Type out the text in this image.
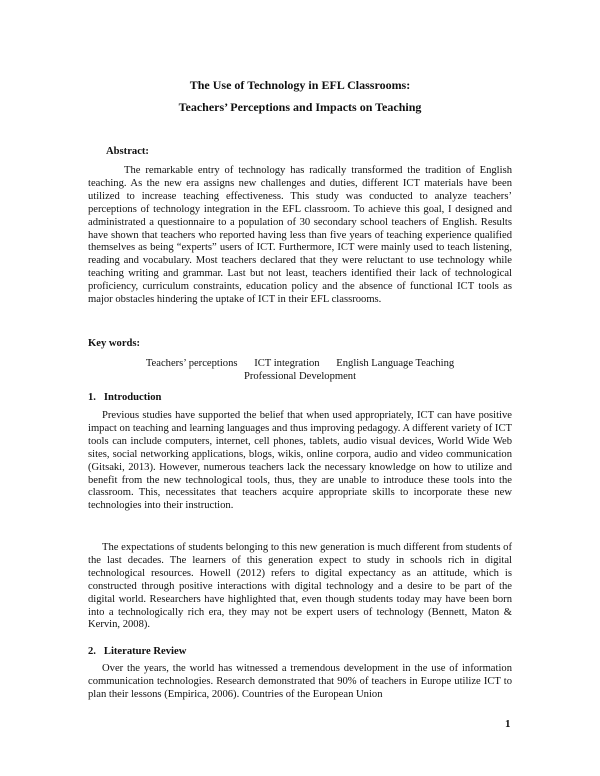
The Use of Technology in EFL Classrooms:
Teachers’ Perceptions and Impacts on Teaching
Abstract:

The remarkable entry of technology has radically transformed the tradition of English teaching. As the new era assigns new challenges and duties, different ICT materials have been utilized to increase teaching effectiveness. This study was conducted to analyze teachers’ perceptions of technology integration in the EFL classroom. To achieve this goal, I designed and administrated a questionnaire to a population of 30 secondary school teachers of English. Results have shown that teachers who reported having less than five years of teaching experience qualified themselves as being “experts” users of ICT. Furthermore, ICT were mainly used to teach listening, reading and vocabulary. Most teachers declared that they were reluctant to use technology while teaching writing and grammar. Last but not least, teachers identified their lack of technological proficiency, curriculum constraints, education policy and the absence of functional ICT tools as major obstacles hindering the uptake of ICT in their EFL classrooms.

Key words:

Teachers’ perceptions ICT integration English Language Teaching
Professional Development

1.   Introduction

Previous studies have supported the belief that when used appropriately, ICT can have positive impact on teaching and learning languages and thus improving pedagogy. A different variety of ICT tools can include computers, internet, cell phones, tablets, audio visual devices, World Wide Web sites, social networking applications, blogs, wikis, online corpora, audio and video communication (Gitsaki, 2013). However, numerous teachers lack the necessary knowledge on how to utilize and benefit from the new technological tools, thus, they are unable to introduce these tools into the classroom. This, necessitates that teachers acquire appropriate skills to incorporate these new technologies into their instruction.

The expectations of students belonging to this new generation is much different from students of the last decades. The learners of this generation expect to study in schools rich in digital technological resources. Howell (2012) refers to digital expectancy as an attitude, which is constructed through positive interactions with digital technology and a desire to be part of the digital world. Researchers have highlighted that, even though students today may have been born into a technologically rich era, they may not be expert users of technology (Bennett, Maton & Kervin, 2008).

2.   Literature Review

Over the years, the world has witnessed a tremendous development in the use of information communication technologies. Research demonstrated that 90% of teachers in Europe utilize ICT to plan their lessons (Empirica, 2006). Countries of the European Union

1
